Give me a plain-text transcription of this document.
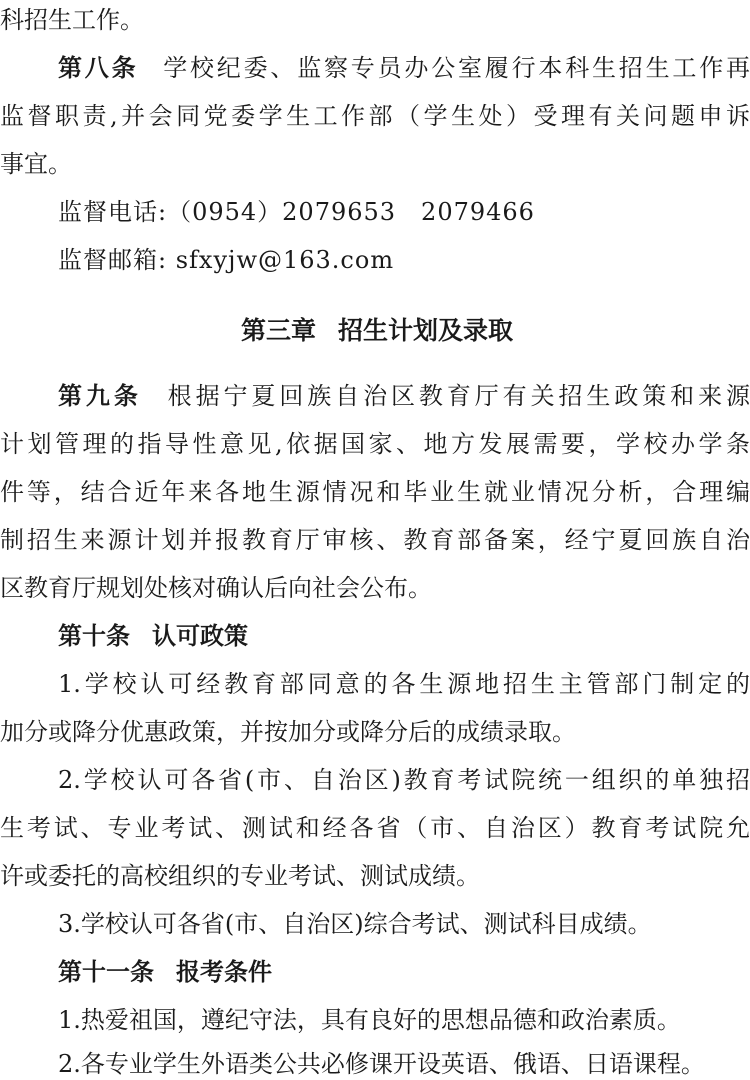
科招生工作。
第八条 学校纪委、监察专员办公室履行本科生招生工作再
监督职责,并会同党委学生工作部（学生处）受理有关问题申诉
事宜。
监督电话:（0954）2079653　2079466
监督邮箱: sfxyjw@163.com
第三章 招生计划及录取
第九条 根据宁夏回族自治区教育厅有关招生政策和来源
计划管理的指导性意见,依据国家、地方发展需要，学校办学条
件等，结合近年来各地生源情况和毕业生就业情况分析，合理编
制招生来源计划并报教育厅审核、教育部备案，经宁夏回族自治
区教育厅规划处核对确认后向社会公布。
第十条 认可政策
1.学校认可经教育部同意的各生源地招生主管部门制定的
加分或降分优惠政策，并按加分或降分后的成绩录取。
2.学校认可各省(市、自治区)教育考试院统一组织的单独招
生考试、专业考试、测试和经各省（市、自治区）教育考试院允
许或委托的高校组织的专业考试、测试成绩。
3.学校认可各省(市、自治区)综合考试、测试科目成绩。
第十一条 报考条件
1.热爱祖国，遵纪守法，具有良好的思想品德和政治素质。
2.各专业学生外语类公共必修课开设英语、俄语、日语课程。
